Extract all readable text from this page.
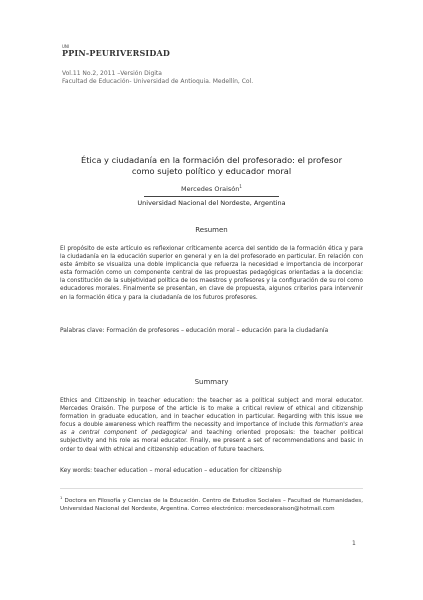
UNI
PPIN-PEURIVERSIDAD
Vol.11 No.2, 2011 –Versión Digita
Facultad de Educación- Universidad de Antioquia. Medellín, Col.
Ética y ciudadanía en la formación del profesorado: el profesor como sujeto político y educador moral
Mercedes Oraisón$^1$
Universidad Nacional del Nordeste, Argentina
Resumen
El propósito de este artículo es reflexionar críticamente acerca del sentido de la formación ética y para la ciudadanía en la educación superior en general y en la del profesorado en particular. En relación con este ámbito se visualiza una doble implicancia que refuerza la necesidad e importancia de incorporar esta formación como un componente central de las propuestas pedagógicas orientadas a la docencia: la constitución de la subjetividad política de los maestros y profesores y la configuración de su rol como educadores morales. Finalmente se presentan, en clave de propuesta, algunos criterios para intervenir en la formación ética y para la ciudadanía de los futuros profesores.
Palabras clave: Formación de profesores – educación moral – educación para la ciudadanía
Summary
Ethics and Citizenship in teacher education: the teacher as a political subject and moral educator. Mercedes Oraisón. The purpose of the article is to make a critical review of ethical and citizenship formation in graduate education, and in teacher education in particular. Regarding with this issue we focus a double awareness which reaffirm the necessity and importance of include this formation's area as a central component of pedagogical and teaching oriented proposals: the teacher political subjectivity and his role as moral educator. Finally, we present a set of recommendations and basic in order to deal with ethical and citizenship education of future teachers.
Key words: teacher education – moral education – education for citizenship
$^1$ Doctora en Filosofía y Ciencias de la Educación. Centro de Estudios Sociales – Facultad de Humanidades, Universidad Nacional del Nordeste, Argentina. Correo electrónico: mercedesoraison@hotmail.com
1
